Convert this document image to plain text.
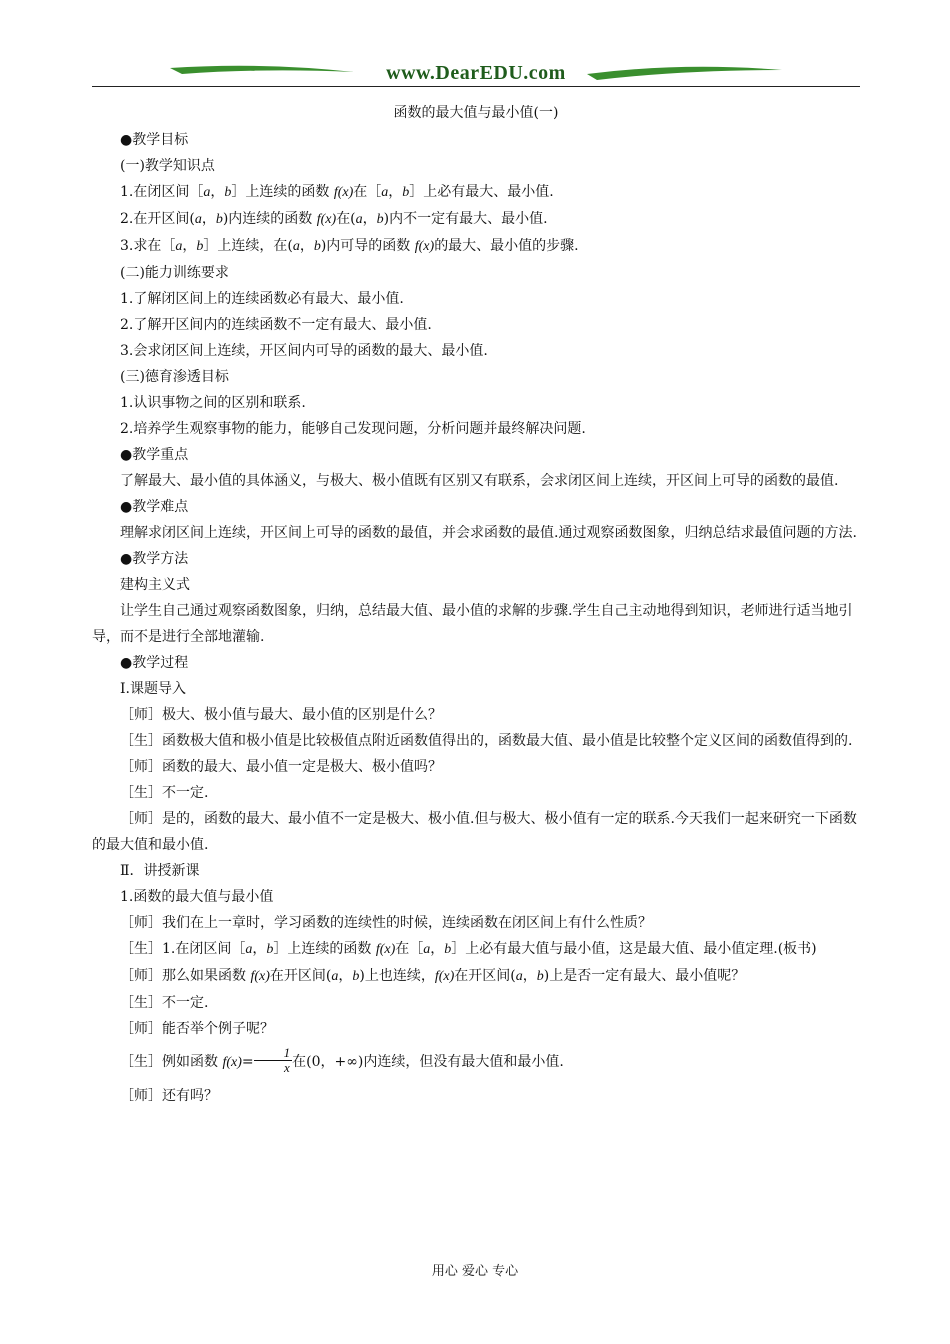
www.DearEDU.com

函数的最大值与最小值(一)

●教学目标

(一)教学知识点

1.在闭区间［a，b］上连续的函数 f(x)在［a，b］上必有最大、最小值.

2.在开区间(a，b)内连续的函数 f(x)在(a，b)内不一定有最大、最小值.

3.求在［a，b］上连续，在(a，b)内可导的函数 f(x)的最大、最小值的步骤.

(二)能力训练要求

1.了解闭区间上的连续函数必有最大、最小值.

2.了解开区间内的连续函数不一定有最大、最小值.

3.会求闭区间上连续，开区间内可导的函数的最大、最小值.

(三)德育渗透目标

1.认识事物之间的区别和联系.

2.培养学生观察事物的能力，能够自己发现问题，分析问题并最终解决问题.

●教学重点

了解最大、最小值的具体涵义，与极大、极小值既有区别又有联系，会求闭区间上连续，开区间上可导的函数的最值.

●教学难点

理解求闭区间上连续，开区间上可导的函数的最值，并会求函数的最值.通过观察函数图象，归纳总结求最值问题的方法.

●教学方法

建构主义式

让学生自己通过观察函数图象，归纳，总结最大值、最小值的求解的步骤.学生自己主动地得到知识，老师进行适当地引导，而不是进行全部地灌输.

●教学过程

Ⅰ.课题导入

［师］极大、极小值与最大、最小值的区别是什么？

［生］函数极大值和极小值是比较极值点附近函数值得出的，函数最大值、最小值是比较整个定义区间的函数值得到的.

［师］函数的最大、最小值一定是极大、极小值吗？

［生］不一定.

［师］是的，函数的最大、最小值不一定是极大、极小值.但与极大、极小值有一定的联系.今天我们一起来研究一下函数的最大值和最小值.

Ⅱ．讲授新课

1.函数的最大值与最小值

［师］我们在上一章时，学习函数的连续性的时候，连续函数在闭区间上有什么性质？

［生］1.在闭区间［a，b］上连续的函数 f(x)在［a，b］上必有最大值与最小值，这是最大值、最小值定理.(板书)

［师］那么如果函数 f(x)在开区间(a，b)上也连续，f(x)在开区间(a，b)上是否一定有最大、最小值呢？

［生］不一定.

［师］能否举个例子呢？

［生］例如函数 $f(x)= \frac{1}{x}$ 在(0，+∞)内连续，但没有最大值和最小值.

［师］还有吗？

用心 爱心 专心
